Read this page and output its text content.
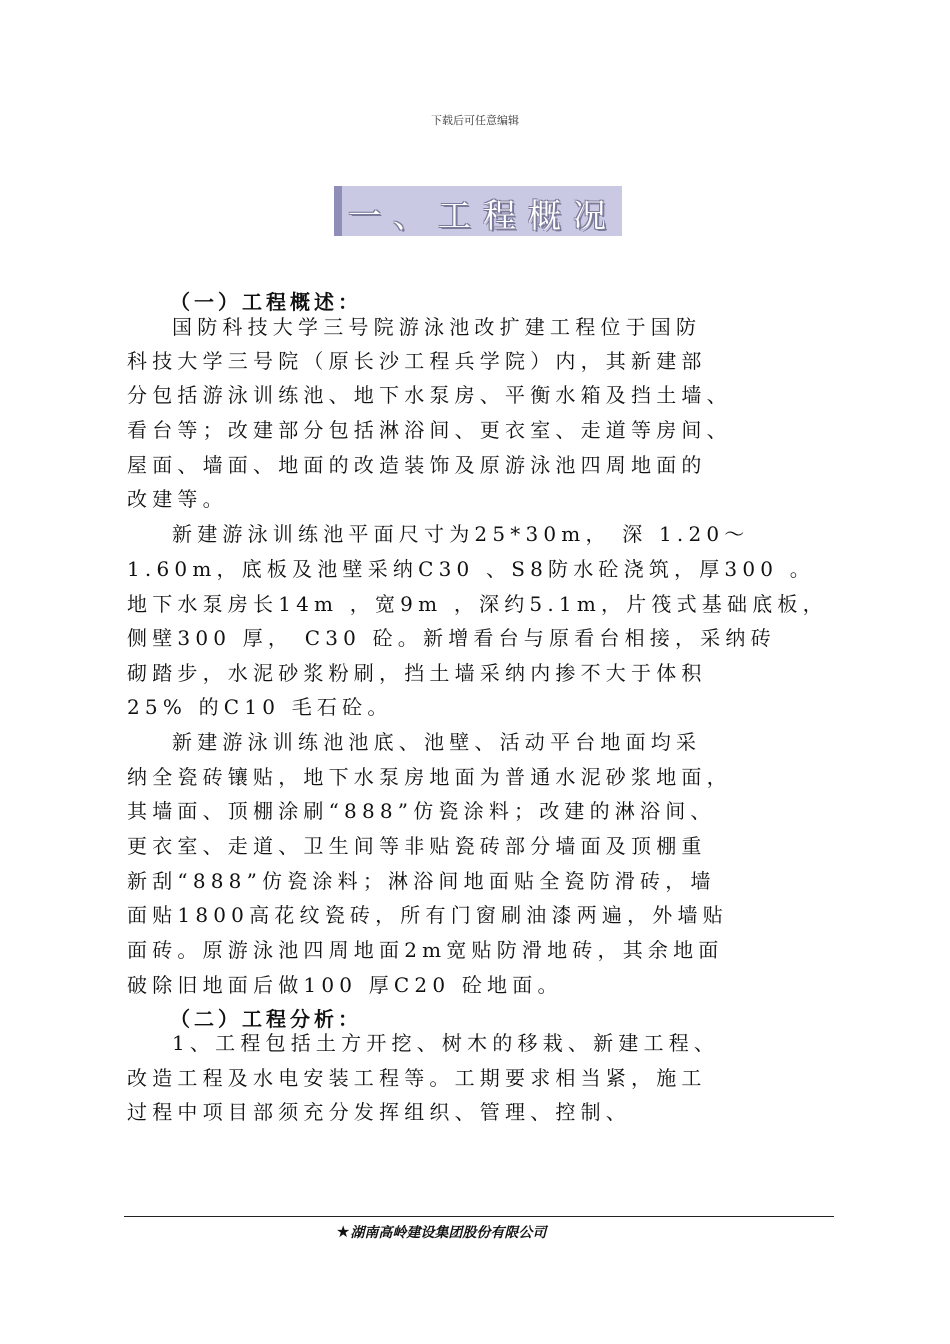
下载后可任意编辑
一、工程概况
（一）工程概述：
国防科技大学三号院游泳池改扩建工程位于国防
科技大学三号院（原长沙工程兵学院）内，其新建部
分包括游泳训练池、地下水泵房、平衡水箱及挡土墙、
看台等；改建部分包括淋浴间、更衣室、走道等房间、
屋面、墙面、地面的改造装饰及原游泳池四周地面的
改建等。
新建游泳训练池平面尺寸为25*30m， 深 1.20～
1.60m，底板及池壁采纳C30 、S8防水砼浇筑，厚300 。
地下水泵房长14m ，宽9m ，深约5.1m，片筏式基础底板，
侧壁300 厚， C30 砼。新增看台与原看台相接，采纳砖
砌踏步，水泥砂浆粉刷，挡土墙采纳内掺不大于体积
25% 的C10 毛石砼。
新建游泳训练池池底、池壁、活动平台地面均采
纳全瓷砖镶贴，地下水泵房地面为普通水泥砂浆地面，
其墙面、顶棚涂刷“888”仿瓷涂料；改建的淋浴间、
更衣室、走道、卫生间等非贴瓷砖部分墙面及顶棚重
新刮“888”仿瓷涂料；淋浴间地面贴全瓷防滑砖，墙
面贴1800高花纹瓷砖，所有门窗刷油漆两遍，外墙贴
面砖。原游泳池四周地面2m宽贴防滑地砖，其余地面
破除旧地面后做100 厚C20 砼地面。
（二）工程分析：
1、工程包括土方开挖、树木的移栽、新建工程、
改造工程及水电安装工程等。工期要求相当紧，施工
过程中项目部须充分发挥组织、管理、控制、
★湖南高岭建设集团股份有限公司
